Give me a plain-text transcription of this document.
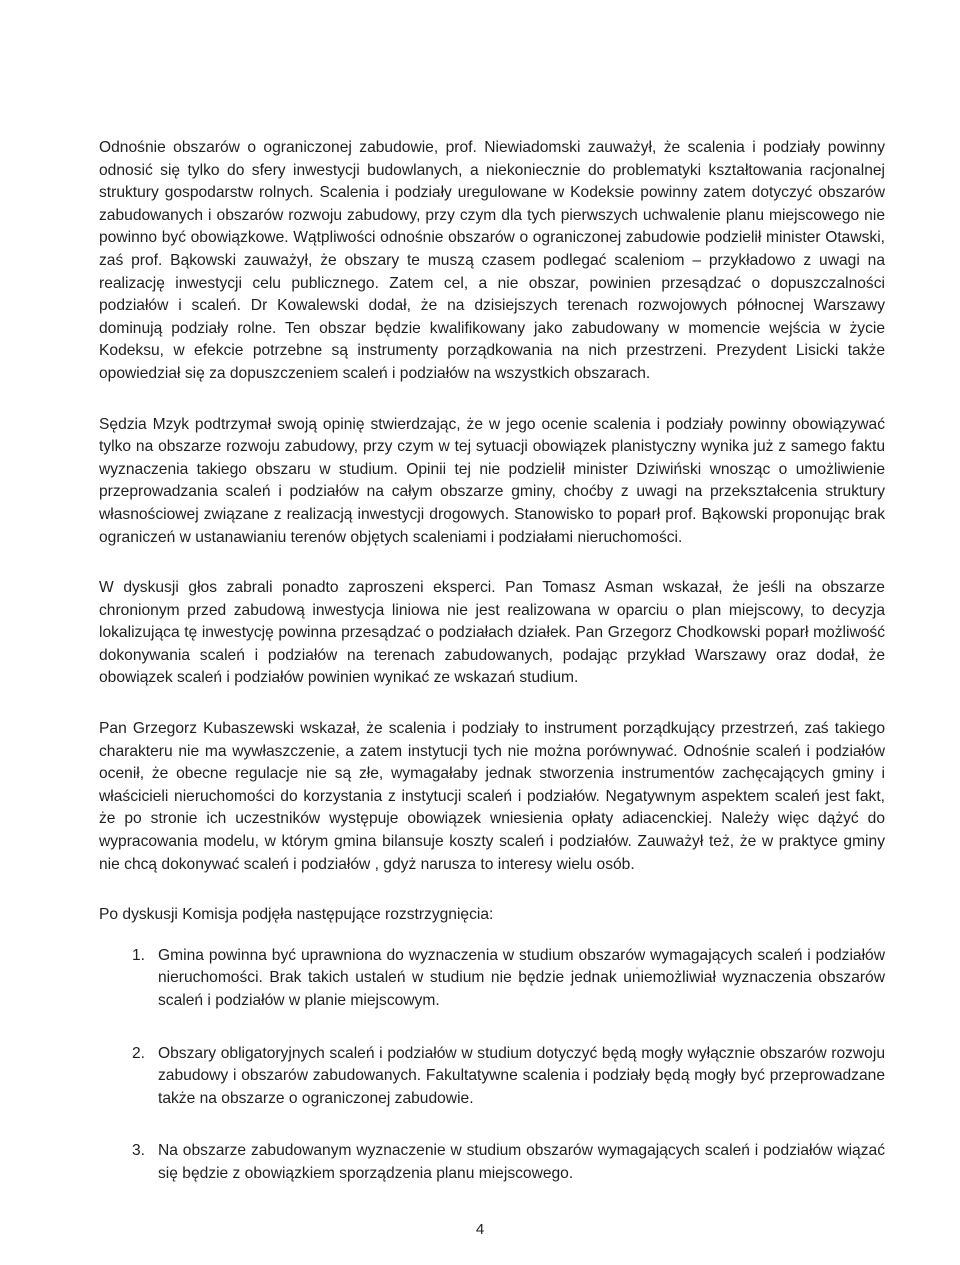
Odnośnie obszarów o ograniczonej zabudowie, prof. Niewiadomski zauważył, że scalenia i podziały powinny odnosić się tylko do sfery inwestycji budowlanych, a niekoniecznie do problematyki kształtowania racjonalnej struktury gospodarstw rolnych. Scalenia i podziały uregulowane w Kodeksie powinny zatem dotyczyć obszarów zabudowanych i obszarów rozwoju zabudowy, przy czym dla tych pierwszych uchwalenie planu miejscowego nie powinno być obowiązkowe. Wątpliwości odnośnie obszarów o ograniczonej zabudowie podzielił minister Otawski, zaś prof. Bąkowski zauważył, że obszary te muszą czasem podlegać scaleniom – przykładowo z uwagi na realizację inwestycji celu publicznego. Zatem cel, a nie obszar, powinien przesądzać o dopuszczalności podziałów i scaleń. Dr Kowalewski dodał, że na dzisiejszych terenach rozwojowych północnej Warszawy dominują podziały rolne. Ten obszar będzie kwalifikowany jako zabudowany w momencie wejścia w życie Kodeksu, w efekcie potrzebne są instrumenty porządkowania na nich przestrzeni. Prezydent Lisicki także opowiedział się za dopuszczeniem scaleń i podziałów na wszystkich obszarach.

Sędzia Mzyk podtrzymał swoją opinię stwierdzając, że w jego ocenie scalenia i podziały powinny obowiązywać tylko na obszarze rozwoju zabudowy, przy czym w tej sytuacji obowiązek planistyczny wynika już z samego faktu wyznaczenia takiego obszaru w studium. Opinii tej nie podzielił minister Dziwiński wnosząc o umożliwienie przeprowadzania scaleń i podziałów na całym obszarze gminy, choćby z uwagi na przekształcenia struktury własnościowej związane z realizacją inwestycji drogowych. Stanowisko to poparł prof. Bąkowski proponując brak ograniczeń w ustanawianiu terenów objętych scaleniami i podziałami nieruchomości.

W dyskusji głos zabrali ponadto zaproszeni eksperci. Pan Tomasz Asman wskazał, że jeśli na obszarze chronionym przed zabudową inwestycja liniowa nie jest realizowana w oparciu o plan miejscowy, to decyzja lokalizująca tę inwestycję powinna przesądzać o podziałach działek. Pan Grzegorz Chodkowski poparł możliwość dokonywania scaleń i podziałów na terenach zabudowanych, podając przykład Warszawy oraz dodał, że obowiązek scaleń i podziałów powinien wynikać ze wskazań studium.

Pan Grzegorz Kubaszewski wskazał, że scalenia i podziały to instrument porządkujący przestrzeń, zaś takiego charakteru nie ma wywłaszczenie, a zatem instytucji tych nie można porównywać. Odnośnie scaleń i podziałów ocenił, że obecne regulacje nie są złe, wymagałaby jednak stworzenia instrumentów zachęcających gminy i właścicieli nieruchomości do korzystania z instytucji scaleń i podziałów. Negatywnym aspektem scaleń jest fakt, że po stronie ich uczestników występuje obowiązek wniesienia opłaty adiacenckiej. Należy więc dążyć do wypracowania modelu, w którym gmina bilansuje koszty scaleń i podziałów. Zauważył też, że w praktyce gminy nie chcą dokonywać scaleń i podziałów , gdyż narusza to interesy wielu osób.

Po dyskusji Komisja podjęła następujące rozstrzygnięcia:

1. Gmina powinna być uprawniona do wyznaczenia w studium obszarów wymagających scaleń i podziałów nieruchomości. Brak takich ustaleń w studium nie będzie jednak uniemożliwiał wyznaczenia obszarów scaleń i podziałów w planie miejscowym.
2. Obszary obligatoryjnych scaleń i podziałów w studium dotyczyć będą mogły wyłącznie obszarów rozwoju zabudowy i obszarów zabudowanych. Fakultatywne scalenia i podziały będą mogły być przeprowadzane także na obszarze o ograniczonej zabudowie.
3. Na obszarze zabudowanym wyznaczenie w studium obszarów wymagających scaleń i podziałów wiązać się będzie z obowiązkiem sporządzenia planu miejscowego.
4
